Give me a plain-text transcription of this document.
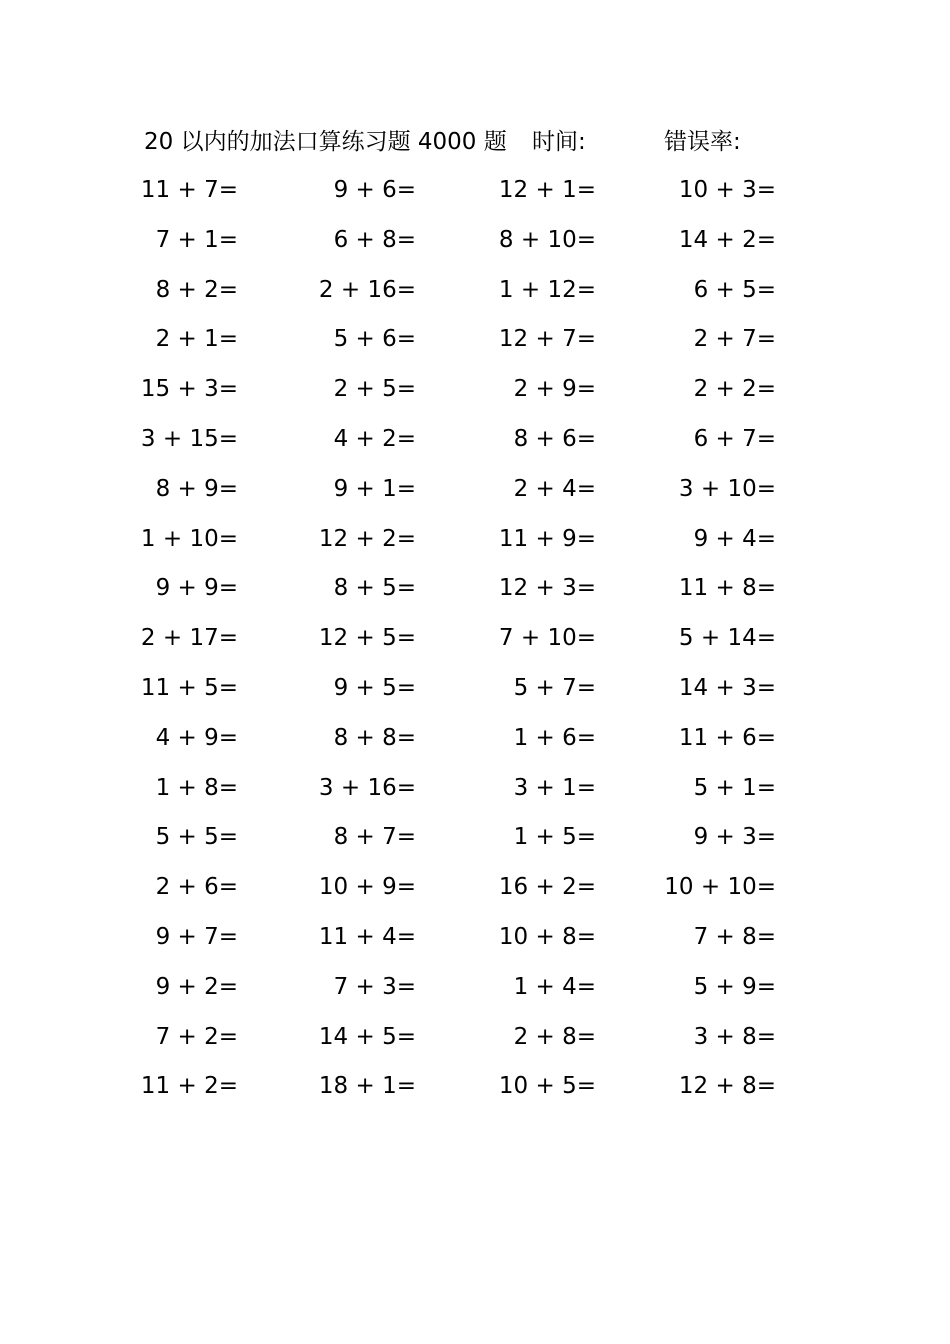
20 以内的加法口算练习题 4000 题 时间:	错误率:
11 + 7=	9 + 6=	12 + 1=	10 + 3=
7 + 1=	6 + 8=	8 + 10=	14 + 2=
8 + 2=	2 + 16=	1 + 12=	6 + 5=
2 + 1=	5 + 6=	12 + 7=	2 + 7=
15 + 3=	2 + 5=	2 + 9=	2 + 2=
3 + 15=	4 + 2=	8 + 6=	6 + 7=
8 + 9=	9 + 1=	2 + 4=	3 + 10=
1 + 10=	12 + 2=	11 + 9=	9 + 4=
9 + 9=	8 + 5=	12 + 3=	11 + 8=
2 + 17=	12 + 5=	7 + 10=	5 + 14=
11 + 5=	9 + 5=	5 + 7=	14 + 3=
4 + 9=	8 + 8=	1 + 6=	11 + 6=
1 + 8=	3 + 16=	3 + 1=	5 + 1=
5 + 5=	8 + 7=	1 + 5=	9 + 3=
2 + 6=	10 + 9=	16 + 2=	10 + 10=
9 + 7=	11 + 4=	10 + 8=	7 + 8=
9 + 2=	7 + 3=	1 + 4=	5 + 9=
7 + 2=	14 + 5=	2 + 8=	3 + 8=
11 + 2=	18 + 1=	10 + 5=	12 + 8=
